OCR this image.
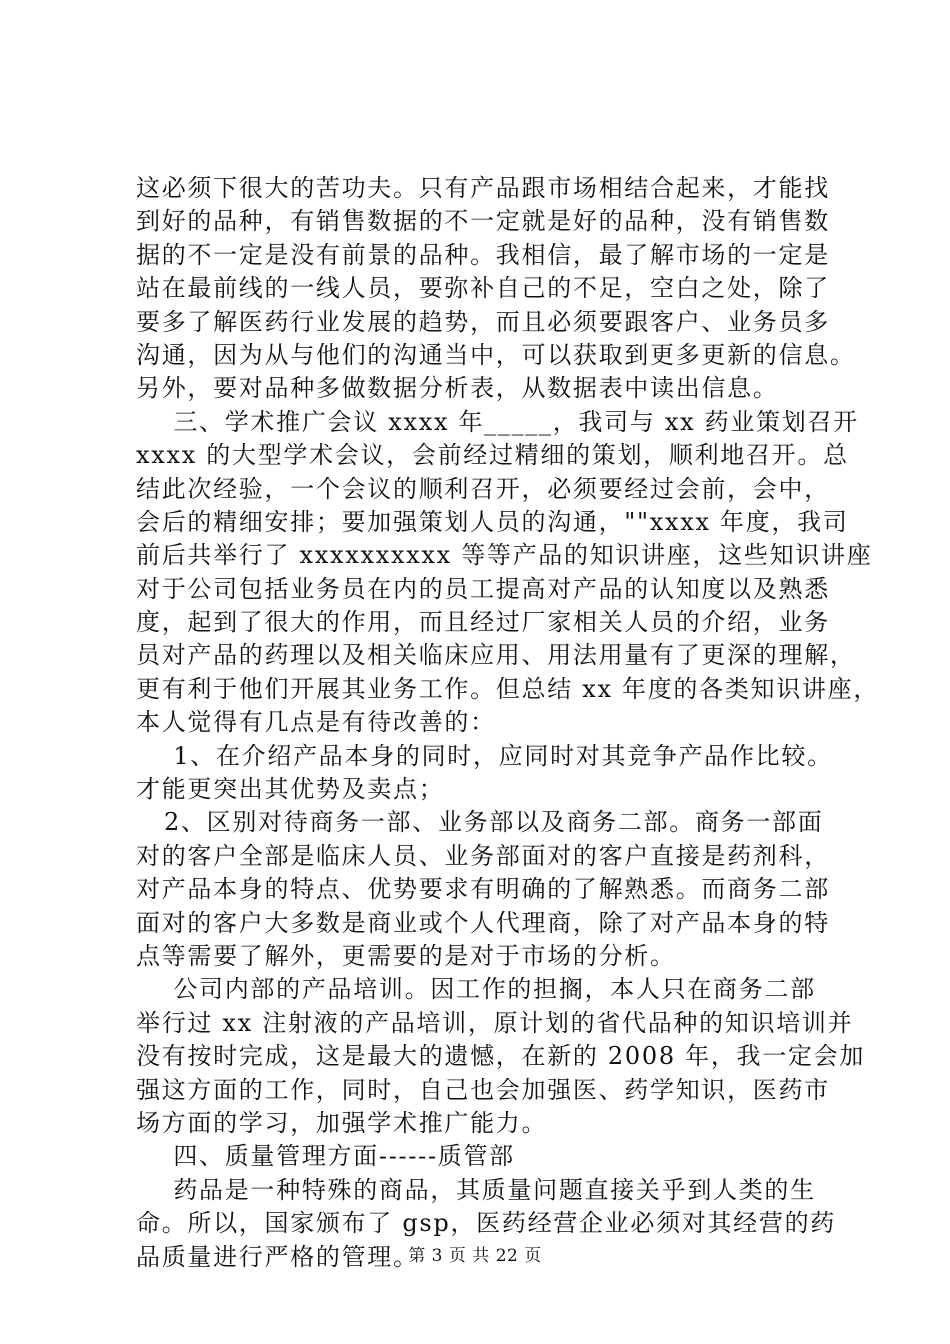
这必须下很大的苦功夫。只有产品跟市场相结合起来，才能找
到好的品种，有销售数据的不一定就是好的品种，没有销售数
据的不一定是没有前景的品种。我相信，最了解市场的一定是
站在最前线的一线人员，要弥补自己的不足，空白之处，除了
要多了解医药行业发展的趋势，而且必须要跟客户、业务员多
沟通，因为从与他们的沟通当中，可以获取到更多更新的信息。
另外，要对品种多做数据分析表，从数据表中读出信息。
三、学术推广会议 xxxx 年_____，我司与 xx 药业策划召开
xxxx 的大型学术会议，会前经过精细的策划，顺利地召开。总
结此次经验，一个会议的顺利召开，必须要经过会前，会中，
会后的精细安排；要加强策划人员的沟通，""xxxx 年度，我司
前后共举行了 xxxxxxxxxx 等等产品的知识讲座，这些知识讲座
对于公司包括业务员在内的员工提高对产品的认知度以及熟悉
度，起到了很大的作用，而且经过厂家相关人员的介绍，业务
员对产品的药理以及相关临床应用、用法用量有了更深的理解，
更有利于他们开展其业务工作。但总结 xx 年度的各类知识讲座，
本人觉得有几点是有待改善的：
1、在介绍产品本身的同时，应同时对其竞争产品作比较。
才能更突出其优势及卖点；
2、区别对待商务一部、业务部以及商务二部。商务一部面
对的客户全部是临床人员、业务部面对的客户直接是药剂科，
对产品本身的特点、优势要求有明确的了解熟悉。而商务二部
面对的客户大多数是商业或个人代理商，除了对产品本身的特
点等需要了解外，更需要的是对于市场的分析。
公司内部的产品培训。因工作的担搁，本人只在商务二部
举行过 xx 注射液的产品培训，原计划的省代品种的知识培训并
没有按时完成，这是最大的遗憾，在新的 2008 年，我一定会加
强这方面的工作，同时，自己也会加强医、药学知识，医药市
场方面的学习，加强学术推广能力。
四、质量管理方面------质管部
药品是一种特殊的商品，其质量问题直接关乎到人类的生
命。所以，国家颁布了 gsp，医药经营企业必须对其经营的药
品质量进行严格的管理。
第 3 页 共 22 页
